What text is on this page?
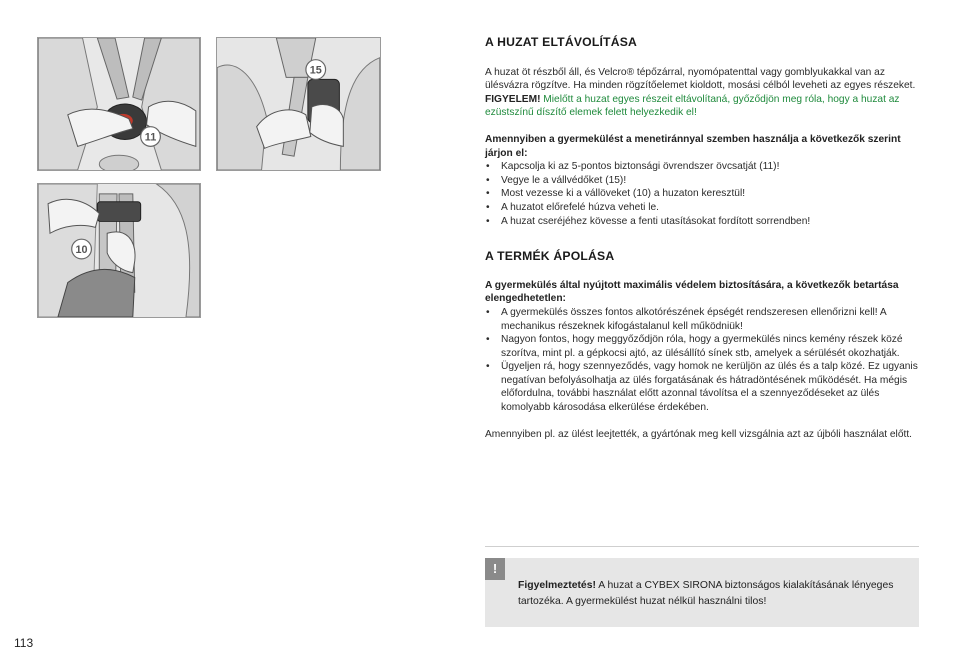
11
15
10
A HUZAT ELTÁVOLÍTÁSA

A huzat öt részből áll, és Velcro® tépőzárral, nyomópatenttal vagy gomblyukakkal van az ülésvázra rögzítve. Ha minden rögzítőelemet kioldott, mosási célból leveheti az egyes részeket.

FIGYELEM! Mielőtt a huzat egyes részeit eltávolítaná, győződjön meg róla, hogy a huzat az ezüstszínű díszítő elemek felett helyezkedik el!

Amennyiben a gyermekülést a menetiránnyal szemben használja a következők szerint járjon el:

• Kapcsolja ki az 5-pontos biztonsági övrendszer övcsatját (11)!
• Vegye le a vállvédőket (15)!
• Most vezesse ki a vállöveket (10) a huzaton keresztül!
• A huzatot előrefelé húzva veheti le.
• A huzat cseréjéhez kövesse a fenti utasításokat fordított sorrendben!
A TERMÉK ÁPOLÁSA

A gyermekülés által nyújtott maximális védelem biztosítására, a következők betartása elengedhetetlen:

• A gyermekülés összes fontos alkotórészének épségét rendszeresen ellenőrizni kell! A mechanikus részeknek kifogástalanul kell működniük!
• Nagyon fontos, hogy meggyőződjön róla, hogy a gyermekülés nincs kemény részek közé szorítva, mint pl. a gépkocsi ajtó, az ülésállító sínek stb, amelyek a sérülését okozhatják.
• Ügyeljen rá, hogy szennyeződés, vagy homok ne kerüljön az ülés és a talp közé. Ez ugyanis negatívan befolyásolhatja az ülés forgatásának és hátradöntésének működését. Ha mégis előfordulna, további használat előtt azonnal távolítsa el a szennyeződéseket az ülés komolyabb károsodása elkerülése érdekében.

Amennyiben pl. az ülést leejtették, a gyártónak meg kell vizsgálnia azt az újbóli használat előtt.

!

Figyelmeztetés! A huzat a CYBEX SIRONA biztonságos kialakításának lényeges tartozéka. A gyermekülést huzat nélkül használni tilos!

113
